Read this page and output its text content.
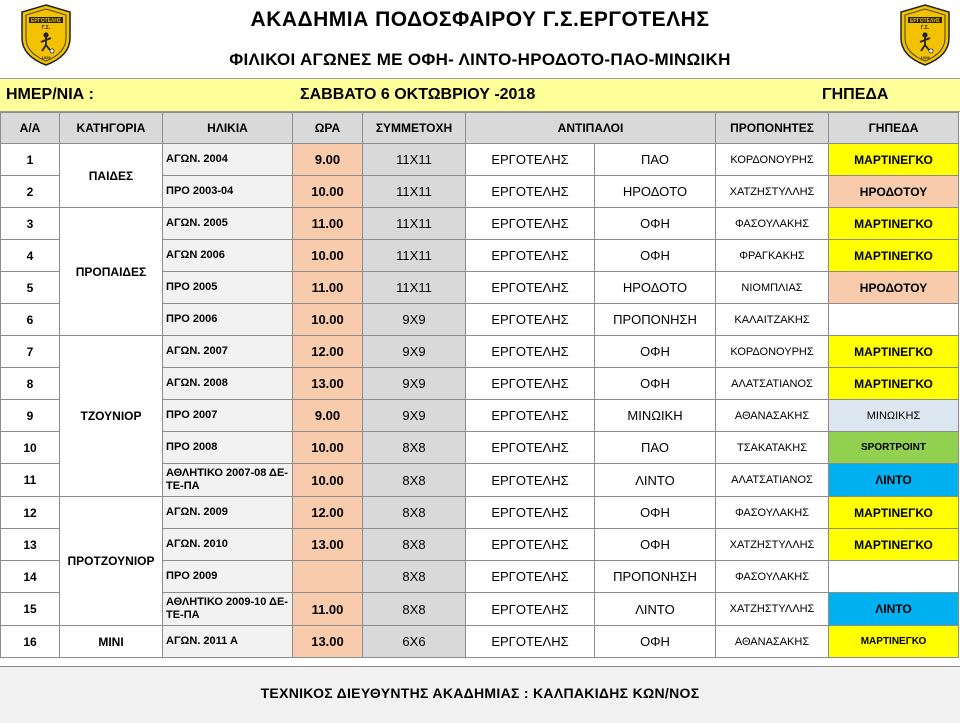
ΕΡΓΟΤΕΛΗΣ
Γ.Σ.
1929
ΕΡΓΟΤΕΛΗΣ
Γ.Σ.
1929
ΑΚΑΔΗΜΙΑ ΠΟΔΟΣΦΑΙΡΟΥ Γ.Σ.ΕΡΓΟΤΕΛΗΣ
ΦΙΛΙΚΟΙ ΑΓΩΝΕΣ ΜΕ ΟΦΗ- ΛΙΝΤΟ-ΗΡΟΔΟΤΟ-ΠΑΟ-ΜΙΝΩΙΚΗ
ΗΜΕΡ/ΝΙΑ :	ΣΑΒΒΑΤΟ 6 ΟΚΤΩΒΡΙΟΥ -2018	ΓΗΠΕΔΑ
Α/Α	ΚΑΤΗΓΟΡΙΑ	ΗΛΙΚΙΑ	ΩΡΑ	ΣΥΜΜΕΤΟΧΗ	ΑΝΤΙΠΑΛΟΙ		ΠΡΟΠΟΝΗΤΕΣ	ΓΗΠΕΔΑ
1	ΠΑΙΔΕΣ	ΑΓΩΝ. 2004	9.00	11Χ11	ΕΡΓΟΤΕΛΗΣ	ΠΑΟ	ΚΟΡΔΟΝΟΥΡΗΣ	ΜΑΡΤΙΝΕΓΚΟ
2		ΠΡΟ 2003-04	10.00	11Χ11	ΕΡΓΟΤΕΛΗΣ	ΗΡΟΔΟΤΟ	ΧΑΤΖΗΣΤΥΛΛΗΣ	ΗΡΟΔΟΤΟΥ
3	ΠΡΟΠΑΙΔΕΣ	ΑΓΩΝ. 2005	11.00	11Χ11	ΕΡΓΟΤΕΛΗΣ	ΟΦΗ	ΦΑΣΟΥΛΑΚΗΣ	ΜΑΡΤΙΝΕΓΚΟ
4		ΑΓΩΝ 2006	10.00	11Χ11	ΕΡΓΟΤΕΛΗΣ	ΟΦΗ	ΦΡΑΓΚΑΚΗΣ	ΜΑΡΤΙΝΕΓΚΟ
5		ΠΡΟ 2005	11.00	11Χ11	ΕΡΓΟΤΕΛΗΣ	ΗΡΟΔΟΤΟ	ΝΙΟΜΠΛΙΑΣ	ΗΡΟΔΟΤΟΥ
6		ΠΡΟ 2006	10.00	9Χ9	ΕΡΓΟΤΕΛΗΣ	ΠΡΟΠΟΝΗΣΗ	ΚΑΛΑΙΤΖΑΚΗΣ	
7	ΤΖΟΥΝΙΟΡ	ΑΓΩΝ. 2007	12.00	9Χ9	ΕΡΓΟΤΕΛΗΣ	ΟΦΗ	ΚΟΡΔΟΝΟΥΡΗΣ	ΜΑΡΤΙΝΕΓΚΟ
8		ΑΓΩΝ. 2008	13.00	9Χ9	ΕΡΓΟΤΕΛΗΣ	ΟΦΗ	ΑΛΑΤΣΑΤΙΑΝΟΣ	ΜΑΡΤΙΝΕΓΚΟ
9		ΠΡΟ 2007	9.00	9Χ9	ΕΡΓΟΤΕΛΗΣ	ΜΙΝΩΙΚΗ	ΑΘΑΝΑΣΑΚΗΣ	ΜΙΝΩΙΚΗΣ
10		ΠΡΟ 2008	10.00	8Χ8	ΕΡΓΟΤΕΛΗΣ	ΠΑΟ	ΤΣΑΚΑΤΑΚΗΣ	SPORTPOINT
11		ΑΘΛΗΤΙΚΟ 2007-08 ΔΕ-ΤΕ-ΠΑ	10.00	8Χ8	ΕΡΓΟΤΕΛΗΣ	ΛΙΝΤΟ	ΑΛΑΤΣΑΤΙΑΝΟΣ	ΛΙΝΤΟ
12	ΠΡΟΤΖΟΥΝΙΟΡ	ΑΓΩΝ. 2009	12.00	8Χ8	ΕΡΓΟΤΕΛΗΣ	ΟΦΗ	ΦΑΣΟΥΛΑΚΗΣ	ΜΑΡΤΙΝΕΓΚΟ
13		ΑΓΩΝ. 2010	13.00	8Χ8	ΕΡΓΟΤΕΛΗΣ	ΟΦΗ	ΧΑΤΖΗΣΤΥΛΛΗΣ	ΜΑΡΤΙΝΕΓΚΟ
14		ΠΡΟ 2009		8Χ8	ΕΡΓΟΤΕΛΗΣ	ΠΡΟΠΟΝΗΣΗ	ΦΑΣΟΥΛΑΚΗΣ	
15		ΑΘΛΗΤΙΚΟ 2009-10 ΔΕ-ΤΕ-ΠΑ	11.00	8Χ8	ΕΡΓΟΤΕΛΗΣ	ΛΙΝΤΟ	ΧΑΤΖΗΣΤΥΛΛΗΣ	ΛΙΝΤΟ
16	ΜΙΝΙ	ΑΓΩΝ. 2011 Α	13.00	6Χ6	ΕΡΓΟΤΕΛΗΣ	ΟΦΗ	ΑΘΑΝΑΣΑΚΗΣ	ΜΑΡΤΙΝΕΓΚΟ
ΤΕΧΝΙΚΟΣ ΔΙΕΥΘΥΝΤΗΣ ΑΚΑΔΗΜΙΑΣ : ΚΑΛΠΑΚΙΔΗΣ ΚΩΝ/ΝΟΣ
